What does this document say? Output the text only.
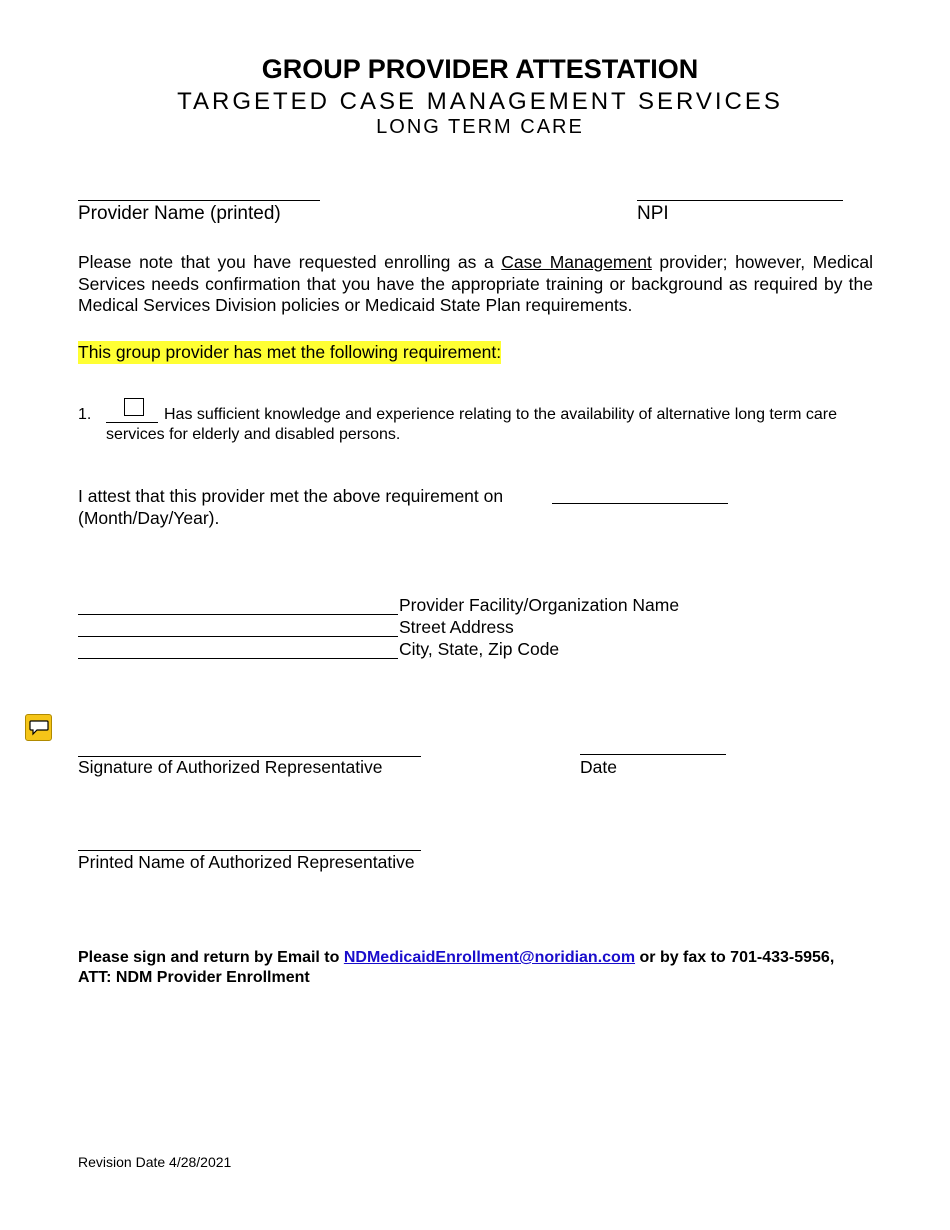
GROUP PROVIDER ATTESTATION
TARGETED CASE MANAGEMENT SERVICES
LONG TERM CARE
Provider Name (printed)	NPI
Please note that you have requested enrolling as a Case Management provider; however, Medical Services needs confirmation that you have the appropriate training or background as required by the Medical Services Division policies or Medicaid State Plan requirements.
This group provider has met the following requirement:
1.	Has sufficient knowledge and experience relating to the availability of alternative long term care services for elderly and disabled persons.
I attest that this provider met the above requirement on
(Month/Day/Year).
Provider Facility/Organization Name
Street Address
City, State, Zip Code
Signature of Authorized Representative	Date
Printed Name of Authorized Representative
Please sign and return by Email to NDMedicaidEnrollment@noridian.com or by fax to 701-433-5956,
ATT: NDM Provider Enrollment
Revision Date 4/28/2021
